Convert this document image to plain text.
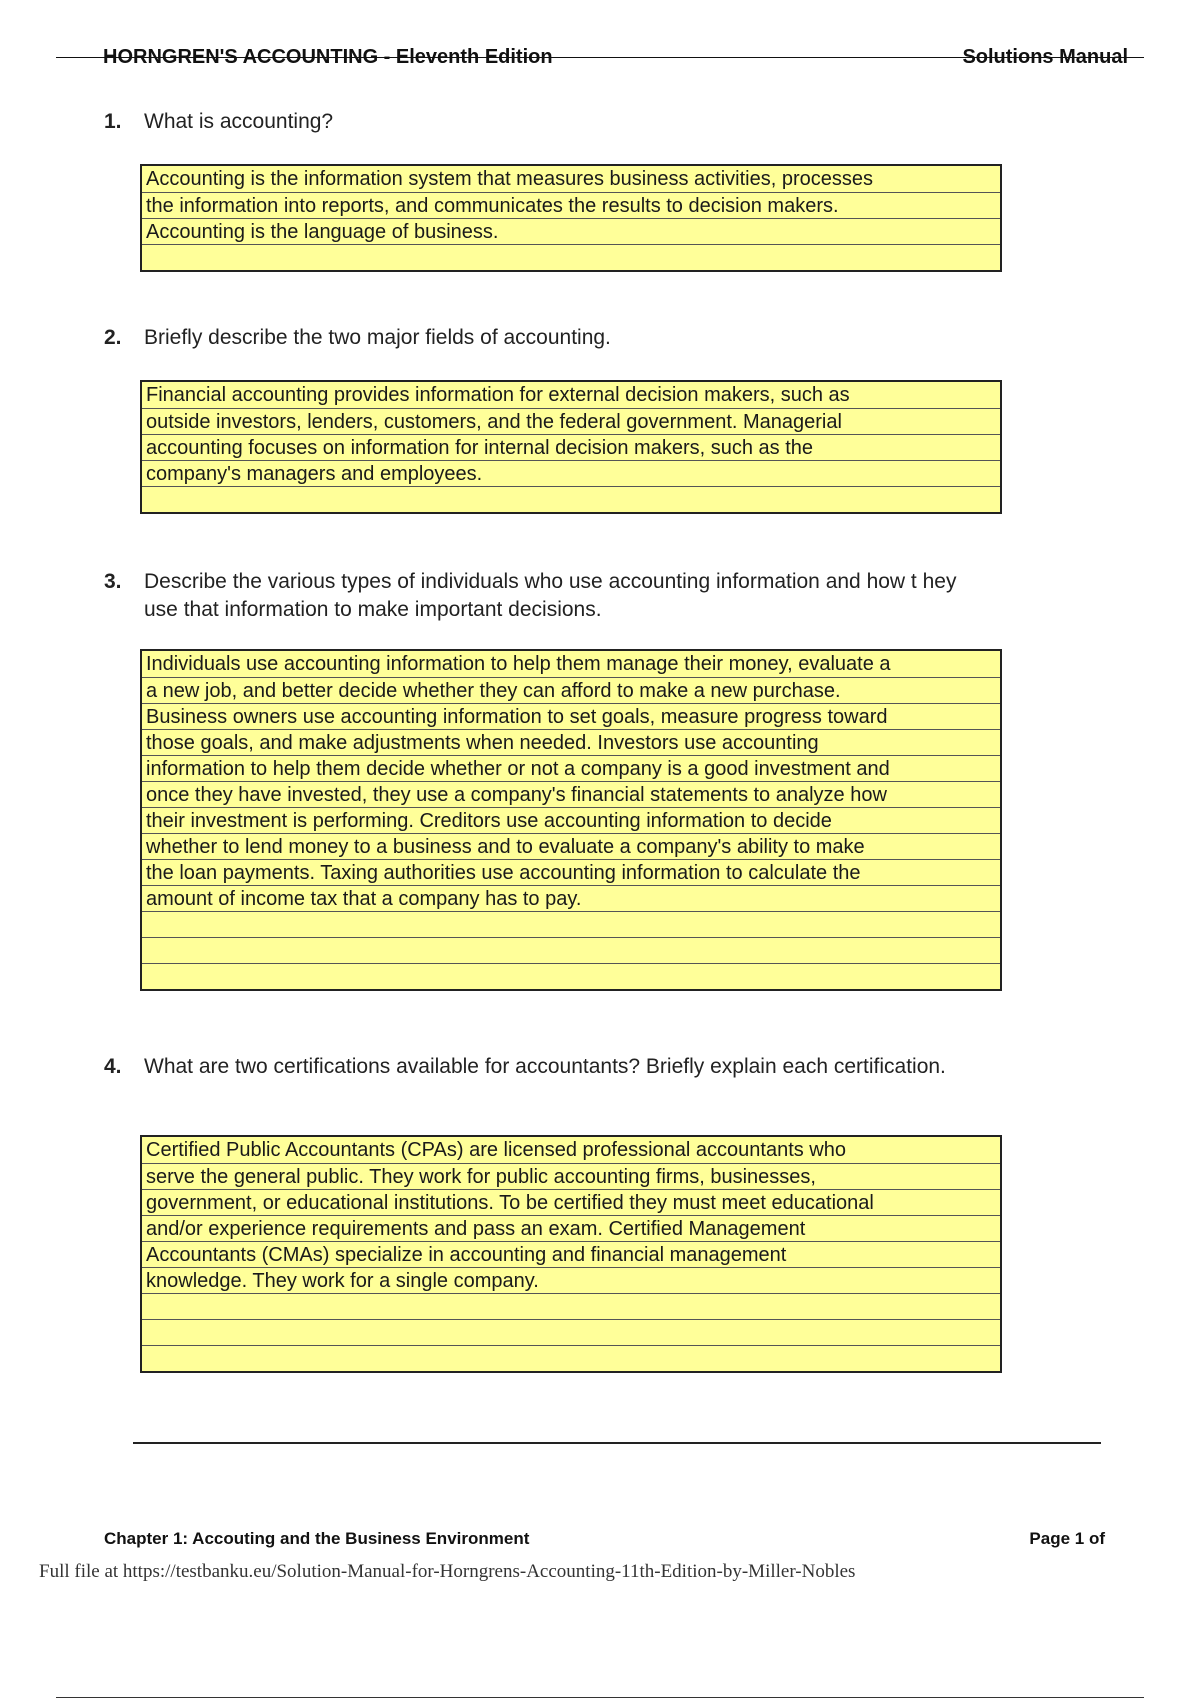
HORNGREN'S ACCOUNTING - Eleventh Edition	Solutions Manual
1. What is accounting?
Accounting is the information system that measures business activities, processes
the information into reports, and communicates the results to decision makers.
Accounting is the language of business.
2. Briefly describe the two major fields of accounting.
Financial accounting provides information for external decision makers, such as
outside investors, lenders, customers, and the federal government. Managerial
accounting focuses on information for internal decision makers, such as the
company's managers and employees.
3. Describe the various types of individuals who use accounting information and how t hey use that information to make important decisions.
Individuals use accounting information to help them manage their money, evaluate a
a new job, and better decide whether they can afford to make a new purchase.
Business owners use accounting information to set goals, measure progress toward
those goals, and make adjustments when needed. Investors use accounting
information to help them decide whether or not a company is a good investment and
once they have invested, they use a company's financial statements to analyze how
their investment is performing. Creditors use accounting information to decide
whether to lend money to a business and to evaluate a company's ability to make
the loan payments. Taxing authorities use accounting information to calculate the
amount of income tax that a company has to pay.
4. What are two certifications available for accountants? Briefly explain each certification.
Certified Public Accountants (CPAs) are licensed professional accountants who
serve the general public. They work for public accounting firms, businesses,
government, or educational institutions. To be certified they must meet educational
and/or experience requirements and pass an exam. Certified Management
Accountants (CMAs) specialize in accounting and financial management
knowledge. They work for a single company.
Chapter 1: Accouting and the Business Environment	Page 1 of
Full file at https://testbanku.eu/Solution-Manual-for-Horngrens-Accounting-11th-Edition-by-Miller-Nobles
